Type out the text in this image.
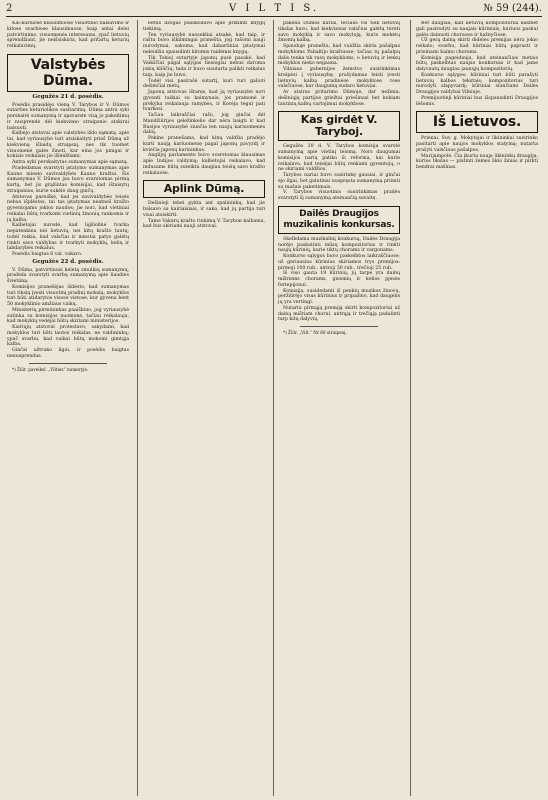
2	V I L T I S.	№ 59 (244).

Kai-kuriuose klausimuose visuotinio balsavimo ir kitose svarbiose klausimuose, kaip antai delei patvirtinimo, visuomenės interesams, ypač lietuvių sprendžiant, jie neišsiskiria, kad pritartų keturių reikalavimų.

Valstybės Dūma.
Gegužės 21 d. posėdis.

Posėdis prasidėjo vieną V. Tarybos ir V. Dūmos sutarties keturiolikos susitarimų. Dūma antra syki perskaitė sumanymą ir apsvarstė visą jo pakeitimų ir nusprendė dėl kiekvieno straipsnio atskirai balsuoti.

Kalbėjo atstovai apie valstybės iždo sąmatą, apie tai, kad vyriausybė turi atsiskaityti prieš Dūmą už kiekvieną išlaidų straipsnį, nes tik tuomet visuomenė galės žinoti, kur eina jos pinigai ir kokiais reikalais jie išleidžiami.

Antra syki perskaitytas sumanymas apie sąmatą.

Pradedamas svarstyti įstatymo sumanymas apie Kauno miesto savivaldybės Kauno kraštui. Šis sumanymas V. Dūmos jau buvo svarstomas pirmą kartą, bet jis grąžintas komisijai, kad ištaisytų straipsnius, kurie sukėlė daug ginčų.

Atstovas pareiškė, kad jei savivaldybės teisės nebus išplėstos, tai tas įstatymas neatneš krašto gyventojams jokios naudos; jie nori, kad vietiniai reikalai būtų tvarkomi vietinių žmonių rankomis ir jų kalba.

Kalbėtojai nurodė, kad ligšiolinė tvarka nepatenkina nei lietuvių, nei kitų krašto tautų; todėl reikia, kad valsčiai ir miestai patys galėtų rinkti savo valdybas ir tvarkyti mokyklų, kelių ir labdarybės reikalus.

Posėdis baigtas 6 val. vakaro.

Gegužės 22 d. posėdis.

V. Dūma, patvirtinusi keletą smulkių sumanymų, pradėda svarstyti svarbų sumanymą apie liaudies švietimą.

Komisijos pranešėjas išdėsto, kad sumanymas turi tikslą įvesti visuotinį pradinį mokslą; mokyklos turi būti atidarytos visose vietose, kur gyvena bent 50 mokyklinio amžiaus vaikų.

Ministerių pirmininkas paaiškino, jog vyriausybė sutinka su komisijos nuomone, tačiau reikalauja, kad mokyklų vedėjai būtų skiriami ministerijos.

Kairiųjų atstovai protestavo, sakydami, kad mokyklos turi būti tautos reikalas, ne valdininkų; ypač svarbu, kad vaikai būtų mokomi gimtąja kalba.

Ginčai užtruko ilgai, ir posėdis baigtas nenusprendus.

*) Žiūr. paveiksl. „Vilties“ numeryje.

bėtus ilzogas pasakodavo apie prikimti knygų tiekimą.

Ten vyriausybė nuosekliai atsakė, kad taip, ir raštu buvo iškilmingai pranešta, jog rašomi nauji nurodymai, sakoma, kad dabartiniai įstatymai neleidžia spausdinti kitomis raidėmis knygų.

Tik Tokioj sutartyje japonų pusė pasakė, kad Vaikščiui pagal sąlygas tiesiogiai nebus daroma jokių kliūčių; tada ir buvo susitarta palikti reikalus taip, kaip jie buvo.

Todėl visi pasirašė sutartį, kuri turi galioti dešimčiai metų.

Japonų atstovas ištaręs, kad jų vyriausybė nori gyventi taikiai su kaimynais; jos pramonė ir prekyba reikalauja ramybės, ir Korėja tegul pati tvarkosi.

Tačiau laikraščiai rašo, jog ginčai dėl Mandžiūrijos geležinkelio dar nėra baigti ir kad Rusijos vyriausybė siunčia ten naujų kariuomenės dalių.

Pekine pranešama, kad kinų valdžia pradėjo kurti naują kariuomenę pagal japonų pavyzdį ir kviečia japonų karininkus.

Anglijoj parlamente buvo svarstomas klausimas apie Indijos valdymą; kalbėtojai reikalavo, kad indusams būtų suteikta daugiau teisių savo krašto reikaluose.

Aplink Dūmą.

Dešinieji tebei pykta ant spalininkų, kad jie balsavo su kairiaisiais, ir sako, kad jų partija turi visai atsiskirti.

Tame Vakarų krašto rinkimų V. Tarybon kalbama, kad bus skiriami nauji atstovai.

pakelia Dūmos nariai, tečiaus vis tiek lietuvių tikslas buvo, kad kiekvienas valsčius galėtų turėti savo mokyklą ir savo mokytoją, kuris mokėtų žmonių kalbą.

Spaudoje pranešta, kad valdžia skiria pašalpas mokykloms Pabaltijo kraštuose; tačiau tų pašalpų dalis tenka tik rusų mokykloms, o lietuvių ir lenkų mokyklos nieko negauna.

Vilniaus gubernijos žemstvo susirinkimas kreipėsi į vyriausybę, prašydamas leisti įvesti lietuvių kalbą pradinėse mokyklose tose valsčiuose, kur daugumą sudaro lietuviai.

Ar atsiras pritarimo Dūmoje, dar nežinia; dešiniųjų partijos griežtai priešinasi bet kokiam tautinių kalbų vartojimui mokyklose.

Kas girdėt V. Taryboj.

Gegužės 20 d. V. Tarybos komisija svarstė sumanymą apie vietinį teismą. Nors daugumai komisijos narių patiko ši reforma, kai kurie reikalavo, kad teisėjai būtų renkami gyventojų, o ne skiriami valdžios.

Tarybos nariai buvo susirinkę gausiai, ir ginčai ėjo ilgai, bet galutinai nuspręsta sumanymą priimti su mažais pakeitimais.

V. Tarybos visuotinis susirinkimas pradės svarstyti šį sumanymą ateinančią savaitę.

Dailės Draugijos muzikalinis konkursas.

Skelbdama muzikalinį konkursą, Dailės Draugija norėjo paskatinti mūsų kompozitorius ir rinkti naujų kūrinių, kurie tiktų chorams ir vargonams.

Konkurso sąlygos buvo paskelbtos laikraščiuose; už geriausius kūrinius skiriamos trys premijos: pirmoji 100 rub., antroji 50 rub., trečioji 25 rub.

Iš viso gauta 19 kūrinių; jų tarpe yra dainų mišriems chorams, giesmių ir kelios pjesės fortepijonui.

Komisija, susidedanti iš penkių muzikos žinovų, peržiūrėjo visus kūrinius ir pripažino, kad daugelis jų yra vertingi.

Nutarta pirmąją premiją skirti kompozitoriui už dainą mišriam chorui, antrąją ir trečiąją padalinti tarp kitų dalyvių.

*) Žiūr. „Vilt.“ Nr 60 straipsnį.

Bet daugiau, kad lietuvių kompozitoriai kasmet gali pasirodyti su naujais kūriniais, kuriuos paskui galės dainuoti choruose ir bažnyčiose.

Už gerą dainą skirti dideles premijas nėra jokio reikalo; svarbu, kad kūriniai būtų paprasti ir prieinami kaimo chorams.

Komisija pageidauja, kad ateinančiais metais būtų paskelbtas naujas konkursas ir kad jame dalyvautų daugiau jaunųjų kompozitorių.

Konkurso sąlygos: kūriniai turi būti parašyti lietuvių kalbos tekstais; kompozitorius turi nurodyti slapyvardį; kūriniai siunčiami Dailės Draugijos valdybai Vilniuje.

Premijuotieji kūriniai bus išspausdinti Draugijos lėšomis.

Iš Lietuvos.

Prienai, Suv. g. Mokytojai ir ūkininkai susirinko pasitarti apie naujos mokyklos statymą; nutarta prašyti valsčiaus pašalpos.

Marijampolė. Čia įkurta nauja ūkininkų draugija, kurios tikslas — platinti žemės ūkio žinias ir pirkti bendrai mašinas.
